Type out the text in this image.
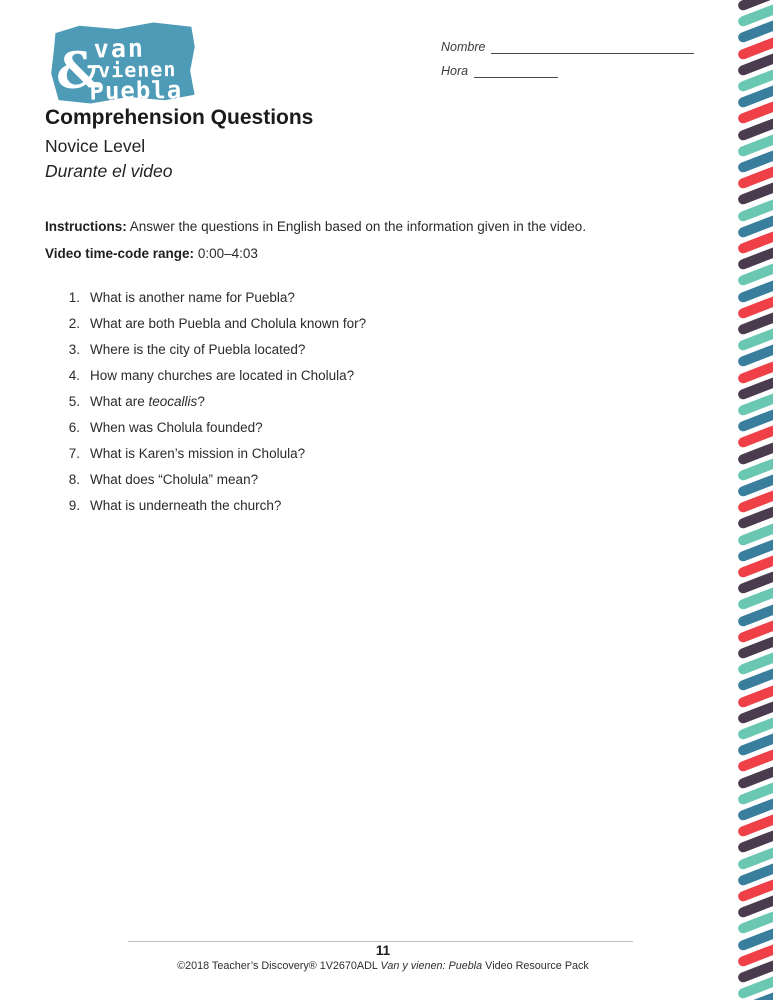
&
van
vienen
Puebla
Nombre
Hora
Comprehension Questions
Novice Level
Durante el video
Instructions: Answer the questions in English based on the information given in the video.
Video time-code range: 0:00–4:03
1. What is another name for Puebla?
2. What are both Puebla and Cholula known for?
3. Where is the city of Puebla located?
4. How many churches are located in Cholula?
5. What are teocallis?
6. When was Cholula founded?
7. What is Karen’s mission in Cholula?
8. What does “Cholula” mean?
9. What is underneath the church?
11
©2018 Teacher’s Discovery® 1V2670ADL Van y vienen: Puebla Video Resource Pack
